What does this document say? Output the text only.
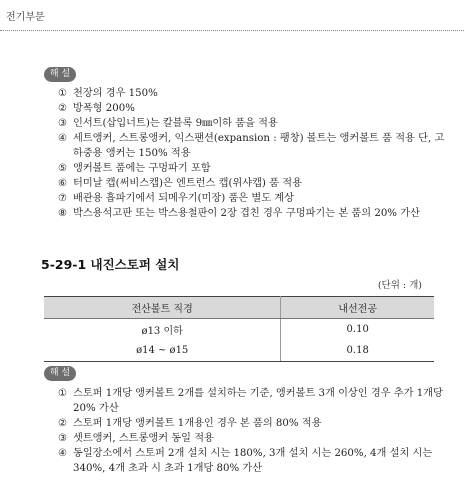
전기부문
해 설
① 천장의 경우 150%
② 방폭형 200%
③ 인서트(삽입너트)는 칼블록 9㎜이하 품을 적용
④ 세트앵커, 스트롱앵커, 익스팬션(expansion : 팽창) 볼트는 앵커볼트 품 적용 단, 고하중용 앵커는 150% 적용
⑤ 앵커볼트 품에는 구멍파기 포함
⑥ 터미날 캡(써비스캡)은 엔트런스 캡(위샤캡) 품 적용
⑦ 배관용 흡파기에서 되메우기(미장) 품은 별도 계상
⑧ 박스용석고판 또는 박스용철판이 2장 겹친 경우 구멍파기는 본 품의 20% 가산
5-29-1 내진스토퍼 설치
(단위 : 개)
전산볼트 직경	내선전공
ø13 이하	0.10
ø14 ~ ø15	0.18
해 설
① 스토퍼 1개당 앵커볼트 2개를 설치하는 기준, 앵커볼트 3개 이상인 경우 추가 1개당 20% 가산
② 스토퍼 1개당 앵커볼트 1개용인 경우 본 품의 80% 적용
③ 셋트앵커, 스트롱앵커 동일 적용
④ 동일장소에서 스토퍼 2개 설치 시는 180%, 3개 설치 시는 260%, 4개 설치 시는 340%, 4개 초과 시 초과 1개당 80% 가산
